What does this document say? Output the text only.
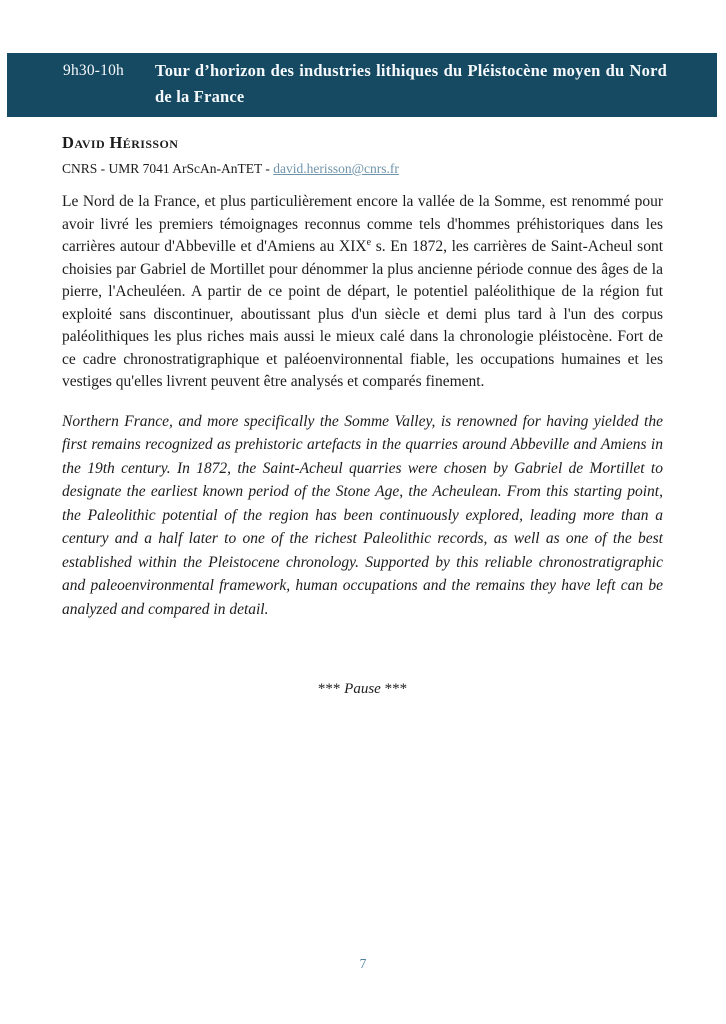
9h30-10h	Tour d’horizon des industries lithiques du Pléistocène moyen du Nord de la France
David Hérisson
CNRS - UMR 7041 ArScAn-AnTET - david.herisson@cnrs.fr

Le Nord de la France, et plus particulièrement encore la vallée de la Somme, est renommé pour avoir livré les premiers témoignages reconnus comme tels d'hommes préhistoriques dans les carrières autour d'Abbeville et d'Amiens au XIXe s. En 1872, les carrières de Saint-Acheul sont choisies par Gabriel de Mortillet pour dénommer la plus ancienne période connue des âges de la pierre, l'Acheuléen. A partir de ce point de départ, le potentiel paléolithique de la région fut exploité sans discontinuer, aboutissant plus d'un siècle et demi plus tard à l'un des corpus paléolithiques les plus riches mais aussi le mieux calé dans la chronologie pléistocène. Fort de ce cadre chronostratigraphique et paléoenvironnental fiable, les occupations humaines et les vestiges qu'elles livrent peuvent être analysés et comparés finement.

Northern France, and more specifically the Somme Valley, is renowned for having yielded the first remains recognized as prehistoric artefacts in the quarries around Abbeville and Amiens in the 19th century. In 1872, the Saint-Acheul quarries were chosen by Gabriel de Mortillet to designate the earliest known period of the Stone Age, the Acheulean. From this starting point, the Paleolithic potential of the region has been continuously explored, leading more than a century and a half later to one of the richest Paleolithic records, as well as one of the best established within the Pleistocene chronology. Supported by this reliable chronostratigraphic and paleoenvironmental framework, human occupations and the remains they have left can be analyzed and compared in detail.

*** Pause ***
7
